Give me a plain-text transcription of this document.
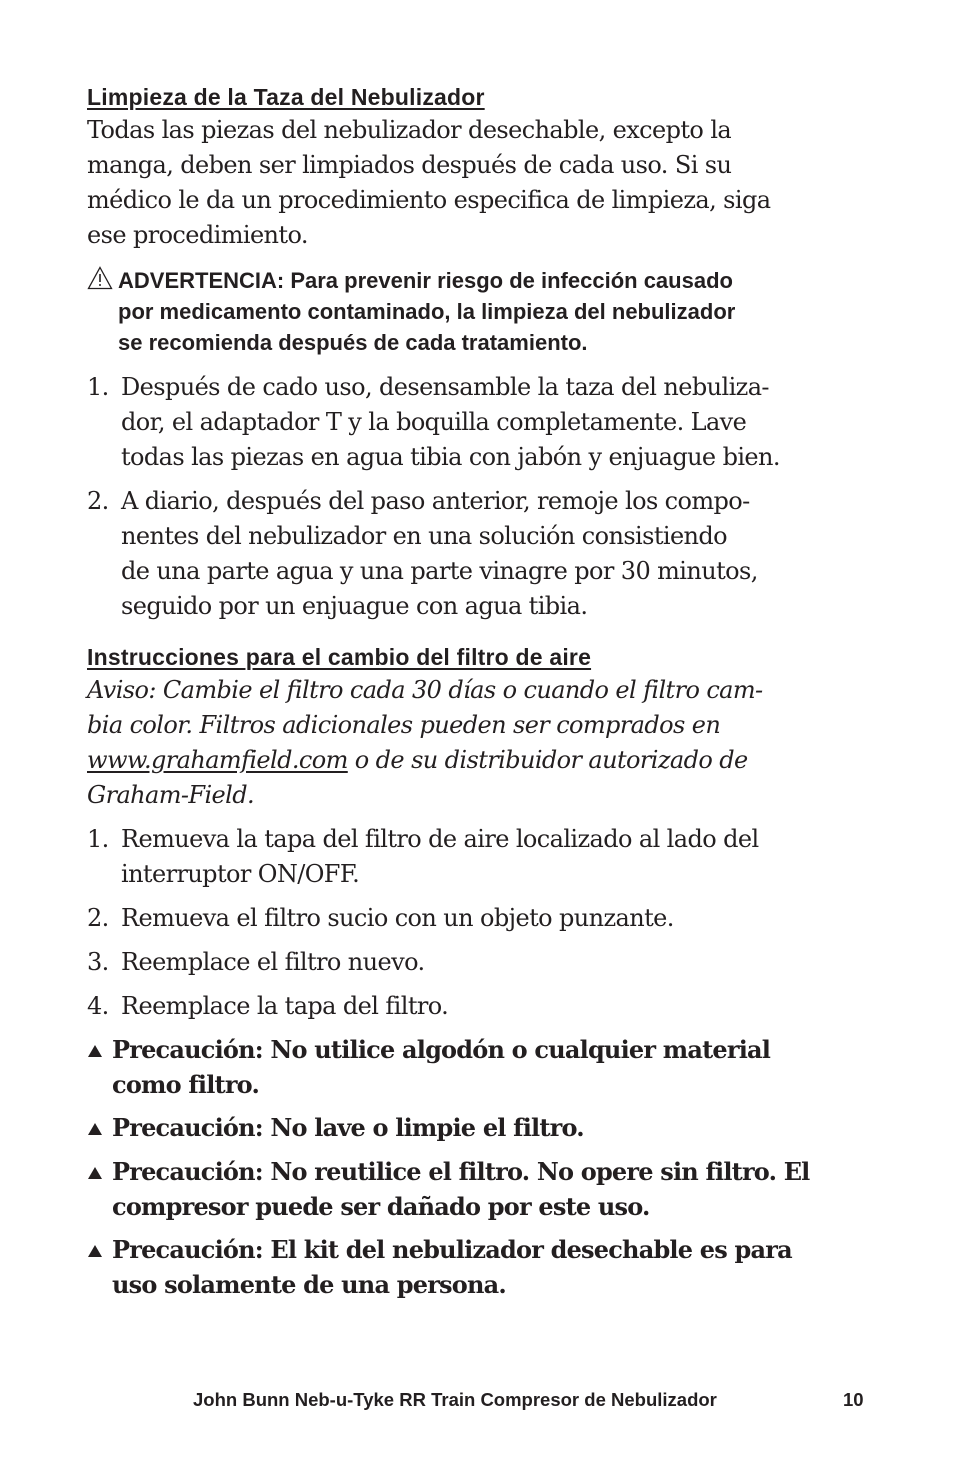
Limpieza de la Taza del Nebulizador

Todas las piezas del nebulizador desechable, excepto la
manga, deben ser limpiados después de cada uso. Si su
médico le da un procedimiento especifica de limpieza, siga
ese procedimiento.

ADVERTENCIA: Para prevenir riesgo de infección causado
por medicamento contaminado, la limpieza del nebulizador
se recomienda después de cada tratamiento.
1. Después de cado uso, desensamble la taza del nebuliza-
dor, el adaptador T y la boquilla completamente. Lave
todas las piezas en agua tibia con jabón y enjuague bien.
2. A diario, después del paso anterior, remoje los compo-
nentes del nebulizador en una solución consistiendo
de una parte agua y una parte vinagre por 30 minutos,
seguido por un enjuague con agua tibia.

Instrucciones para el cambio del filtro de aire

Aviso: Cambie el filtro cada 30 días o cuando el filtro cam-
bia color. Filtros adicionales pueden ser comprados en
www.grahamfield.com o de su distribuidor autorizado de
Graham-Field.

1. Remueva la tapa del filtro de aire localizado al lado del
interruptor ON/OFF.
2. Remueva el filtro sucio con un objeto punzante.
3. Reemplace el filtro nuevo.
4. Reemplace la tapa del filtro.
Precaución: No utilice algodón o cualquier material
como filtro.
Precaución: No lave o limpie el filtro.
Precaución: No reutilice el filtro. No opere sin filtro. El
compresor puede ser dañado por este uso.
Precaución: El kit del nebulizador desechable es para
uso solamente de una persona.
John Bunn Neb-u-Tyke RR Train Compresor de Nebulizador	10
